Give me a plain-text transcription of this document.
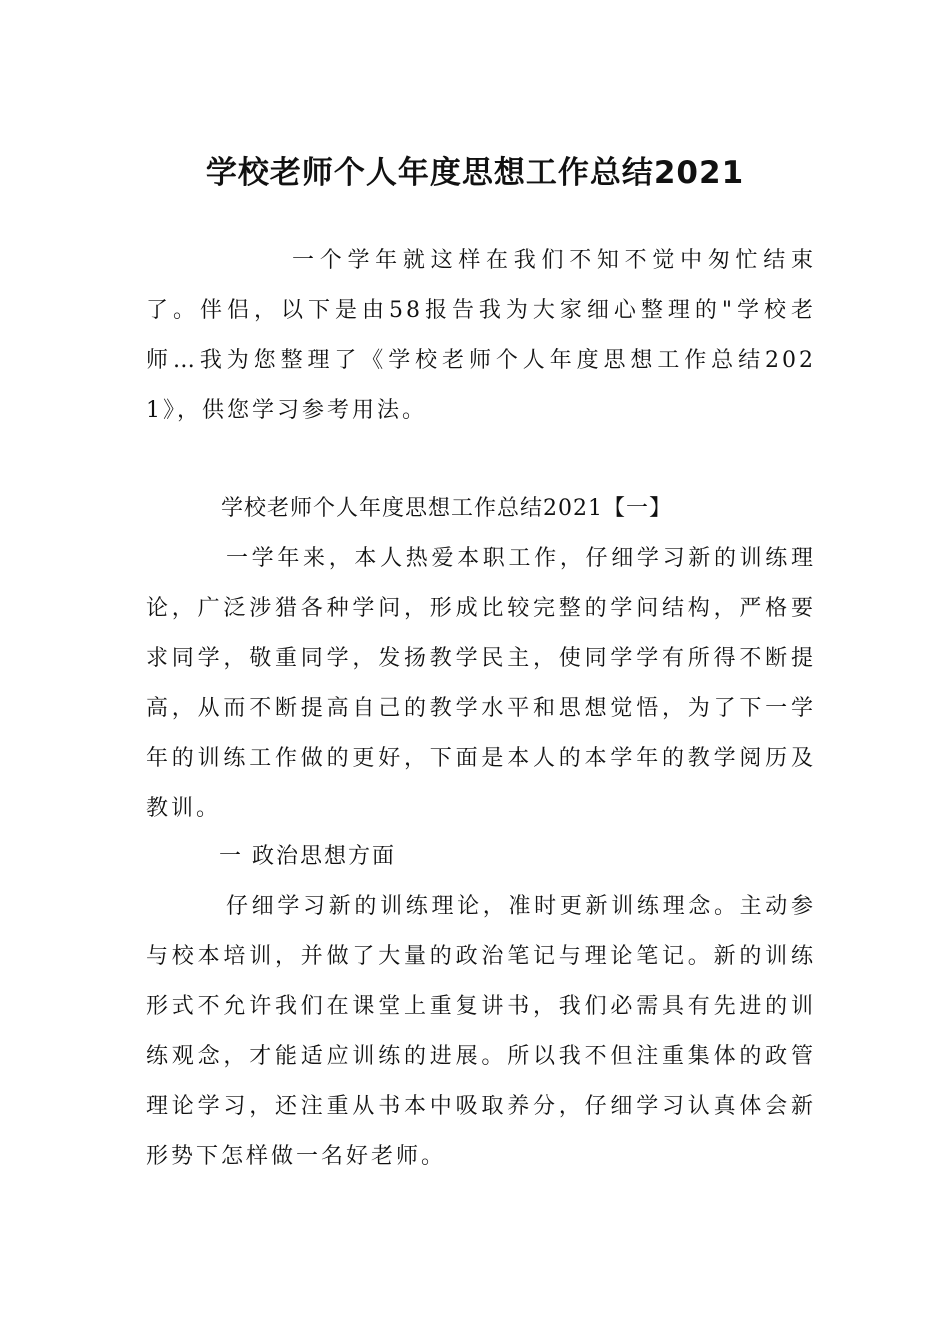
学校老师个人年度思想工作总结2021

一个学年就这样在我们不知不觉中匆忙结束了。伴侣，以下是由58报告我为大家细心整理的"学校老师…我为您整理了《学校老师个人年度思想工作总结2021》，供您学习参考用法。

学校老师个人年度思想工作总结2021【一】

一学年来，本人热爱本职工作，仔细学习新的训练理论，广泛涉猎各种学问，形成比较完整的学问结构，严格要求同学，敬重同学，发扬教学民主，使同学学有所得不断提高，从而不断提高自己的教学水平和思想觉悟，为了下一学年的训练工作做的更好，下面是本人的本学年的教学阅历及教训。

一 政治思想方面

仔细学习新的训练理论，准时更新训练理念。主动参与校本培训，并做了大量的政治笔记与理论笔记。新的训练形式不允许我们在课堂上重复讲书，我们必需具有先进的训练观念，才能适应训练的进展。所以我不但注重集体的政管理论学习，还注重从书本中吸取养分，仔细学习认真体会新形势下怎样做一名好老师。
